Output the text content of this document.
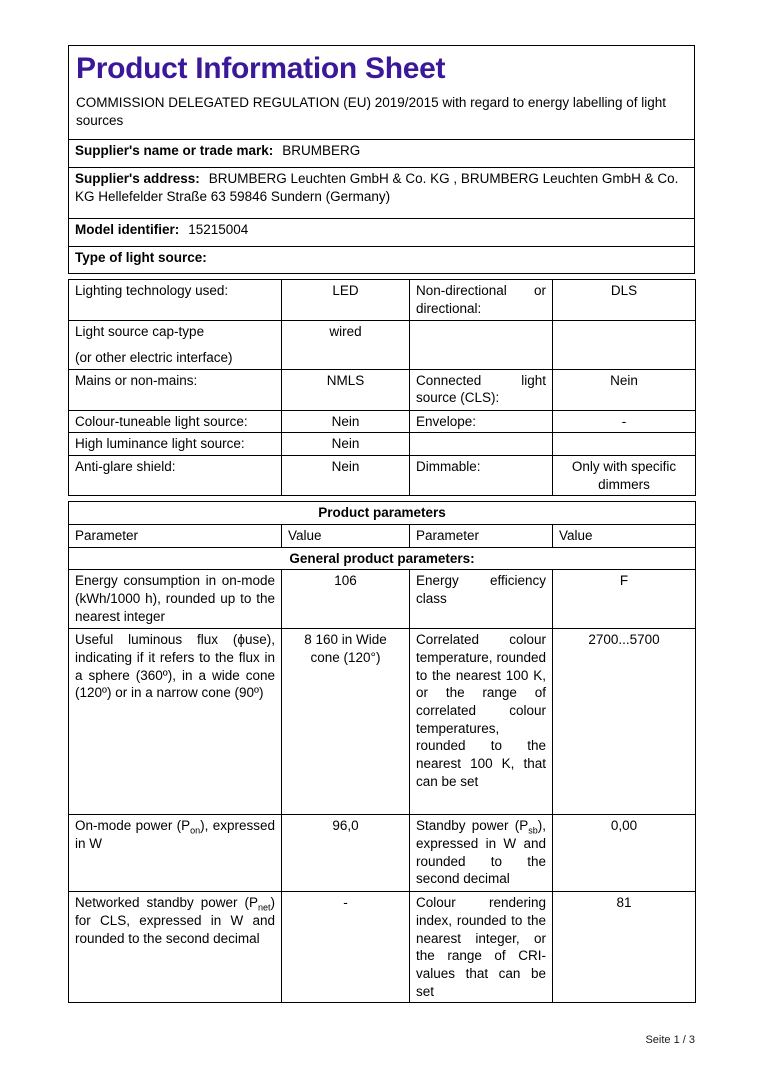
Product Information Sheet
COMMISSION DELEGATED REGULATION (EU) 2019/2015 with regard to energy labelling of light sources

Supplier's name or trade mark: BRUMBERG
Supplier's address: BRUMBERG Leuchten GmbH & Co. KG , BRUMBERG Leuchten GmbH & Co. KG Hellefelder Straße 63 59846 Sundern (Germany)
Model identifier: 15215004
Type of light source:
Lighting technology used:	LED	Non-directional or directional:	DLS

Light source cap-type
(or other electric interface)	wired		
Mains or non-mains:	NMLS	Connected light source (CLS):	Nein
Colour-tuneable light source:	Nein	Envelope:	-
High luminance light source:	Nein		
Anti-glare shield:	Nein	Dimmable:	Only with specific dimmers
Product parameters			
Parameter	Value	Parameter	Value
General product parameters:			
Energy consumption in on-mode (kWh/1000 h), rounded up to the nearest integer	106	Energy efficiency class	F
Useful luminous flux (ϕuse), indicating if it refers to the flux in a sphere (360º), in a wide cone (120º) or in a narrow cone (90º)	8 160 in Wide cone (120°)	Correlated colour temperature, rounded to the nearest 100 K, or the range of correlated colour temperatures, rounded to the nearest 100 K, that can be set	2700...5700
On-mode power $(P_{on})$, expressed in W	96,0	Standby power $(P_{sb})$, expressed in W and rounded to the second decimal	0,00
Networked standby power $(P_{net})$ for CLS, expressed in W and rounded to the second decimal	-	Colour rendering index, rounded to the nearest integer, or the range of CRI-values that can be set	81
Seite 1 / 3
